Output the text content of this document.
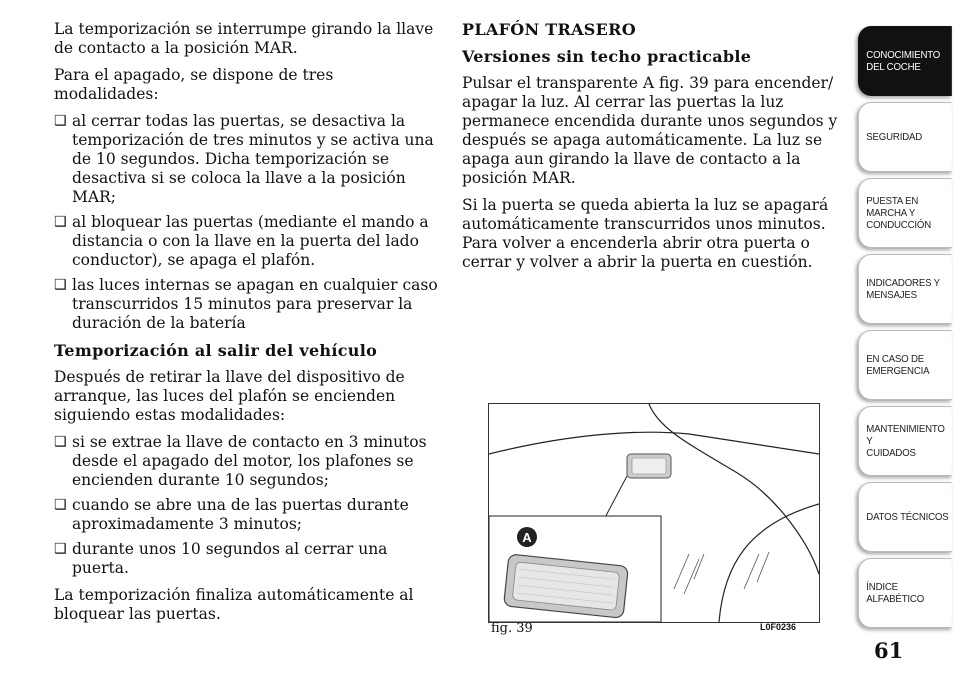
La temporización se interrumpe girando la llave de contacto a la posición MAR.

Para el apagado, se dispone de tres modalidades:

❑ al cerrar todas las puertas, se desactiva la temporización de tres minutos y se activa una de 10 segundos. Dicha temporización se desactiva si se coloca la llave a la posición MAR;
❑ al bloquear las puertas (mediante el mando a distancia o con la llave en la puerta del lado conductor), se apaga el plafón.
❑ las luces internas se apagan en cualquier caso transcurridos 15 minutos para preservar la duración de la batería
Temporización al salir del vehículo

Después de retirar la llave del dispositivo de arranque, las luces del plafón se encienden siguiendo estas modalidades:

❑ si se extrae la llave de contacto en 3 minutos desde el apagado del motor, los plafones se encienden durante 10 segundos;
❑ cuando se abre una de las puertas durante aproximadamente 3 minutos;
❑ durante unos 10 segundos al cerrar una puerta.

La temporización finaliza automáticamente al bloquear las puertas.

PLAFÓN TRASERO
Versiones sin techo practicable

Pulsar el transparente A fig. 39 para encender/ apagar la luz. Al cerrar las puertas la luz permanece encendida durante unos segundos y después se apaga automáticamente. La luz se apaga aun girando la llave de contacto a la posición MAR.

Si la puerta se queda abierta la luz se apagará automáticamente transcurridos unos minutos. Para volver a encenderla abrir otra puerta o cerrar y volver a abrir la puerta en cuestión.

A
fig. 39	L0F0236
CONOCIMIENTO
DEL COCHE
SEGURIDAD
PUESTA EN
MARCHA Y
CONDUCCIÓN
INDICADORES Y
MENSAJES
EN CASO DE
EMERGENCIA
MANTENIMIENTO Y
CUIDADOS
DATOS TÉCNICOS
ÍNDICE
ALFABÉTICO
61
